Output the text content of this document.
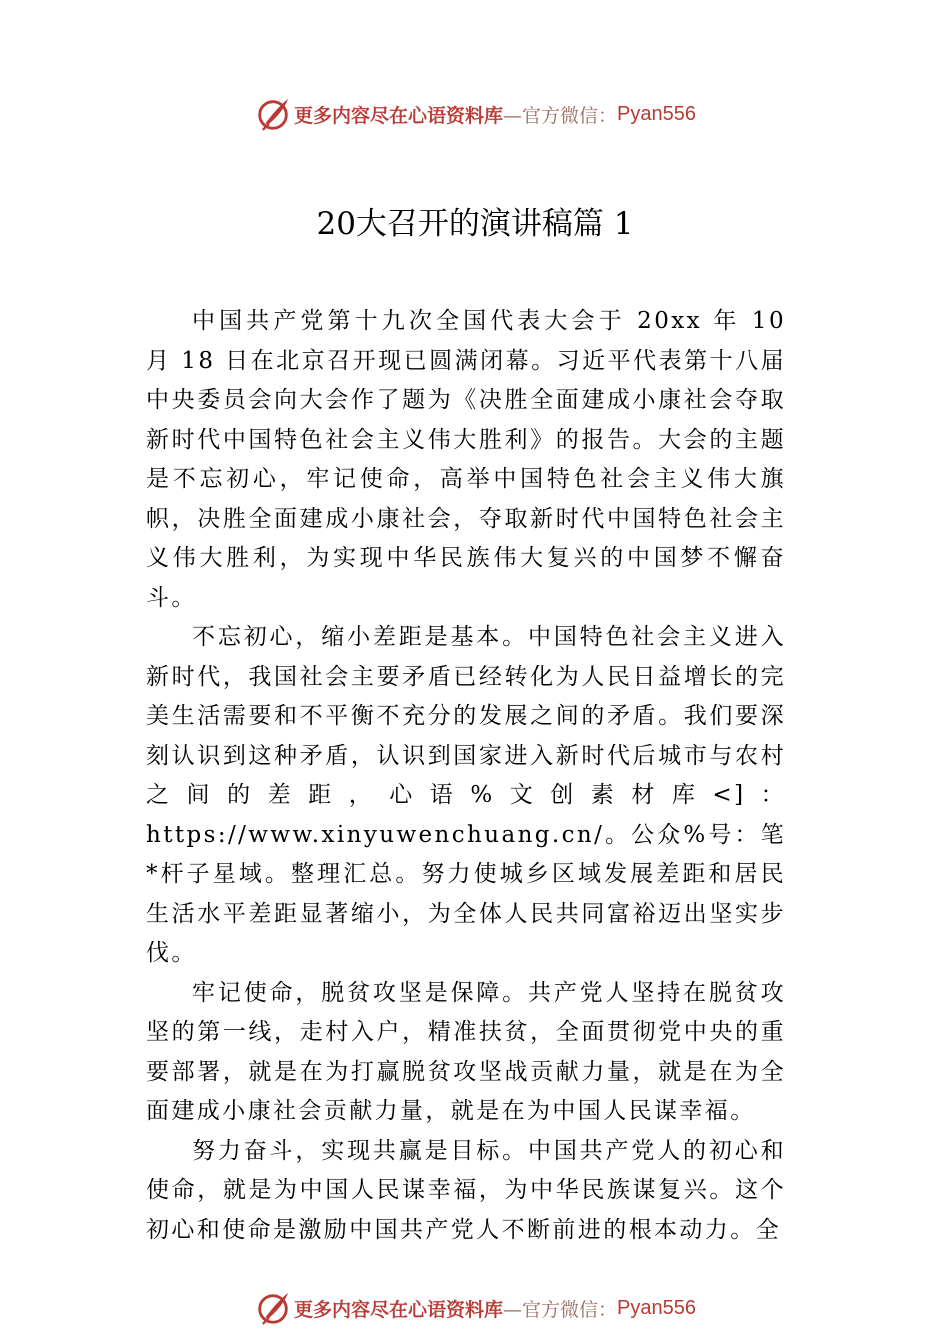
更多内容尽在心语资料库 —官方微信： Pyan556
20大召开的演讲稿篇 1

中国共产党第十九次全国代表大会于 20xx 年 10 月 18 日在北京召开现已圆满闭幕。习近平代表第十八届中央委员会向大会作了题为《决胜全面建成小康社会夺取新时代中国特色社会主义伟大胜利》的报告。大会的主题是不忘初心，牢记使命，高举中国特色社会主义伟大旗帜，决胜全面建成小康社会，夺取新时代中国特色社会主义伟大胜利，为实现中华民族伟大复兴的中国梦不懈奋斗。

不忘初心，缩小差距是基本。中国特色社会主义进入新时代，我国社会主要矛盾已经转化为人民日益增长的完美生活需要和不平衡不充分的发展之间的矛盾。我们要深刻认识到这种矛盾，认识到国家进入新时代后城市与农村之间的差距，心语%文创素材库<]：https://www.xinyuwenchuang.cn/。公众%号：笔*杆子星域。整理汇总。努力使城乡区域发展差距和居民生活水平差距显著缩小，为全体人民共同富裕迈出坚实步伐。

牢记使命，脱贫攻坚是保障。共产党人坚持在脱贫攻坚的第一线，走村入户，精准扶贫，全面贯彻党中央的重要部署，就是在为打赢脱贫攻坚战贡献力量，就是在为全面建成小康社会贡献力量，就是在为中国人民谋幸福。

努力奋斗，实现共赢是目标。中国共产党人的初心和使命，就是为中国人民谋幸福，为中华民族谋复兴。这个初心和使命是激励中国共产党人不断前进的根本动力。全

更多内容尽在心语资料库 —官方微信： Pyan556
